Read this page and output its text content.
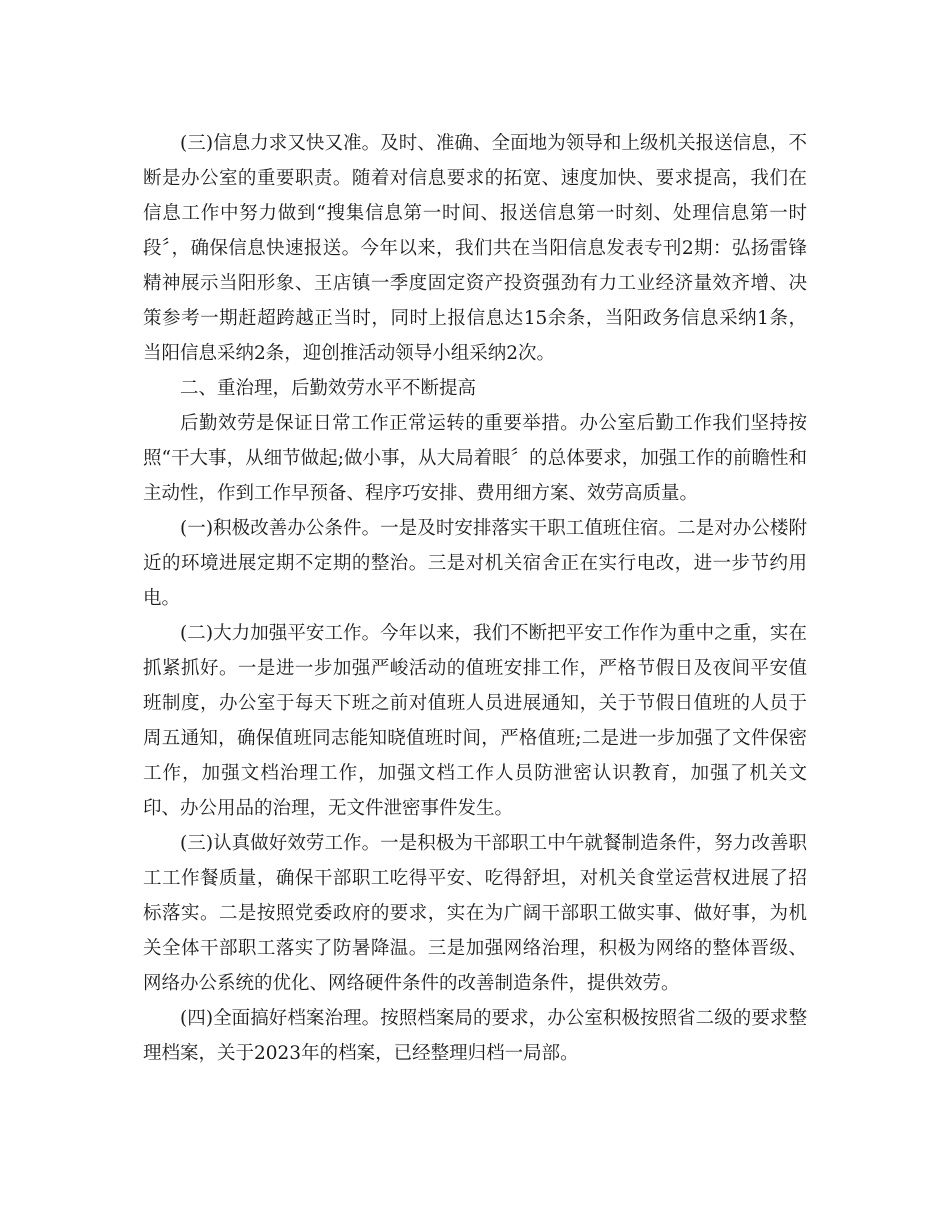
(三)信息力求又快又准。及时、准确、全面地为领导和上级机关报送信息，不断是办公室的重要职责。随着对信息要求的拓宽、速度加快、要求提高，我们在信息工作中努力做到“搜集信息第一时间、报送信息第一时刻、处理信息第一时段〞，确保信息快速报送。今年以来，我们共在当阳信息发表专刊2期：弘扬雷锋精神展示当阳形象、王店镇一季度固定资产投资强劲有力工业经济量效齐增、决策参考一期赶超跨越正当时，同时上报信息达15余条，当阳政务信息采纳1条，当阳信息采纳2条，迎创推活动领导小组采纳2次。

二、重治理，后勤效劳水平不断提高

后勤效劳是保证日常工作正常运转的重要举措。办公室后勤工作我们坚持按照“干大事，从细节做起;做小事，从大局着眼〞的总体要求，加强工作的前瞻性和主动性，作到工作早预备、程序巧安排、费用细方案、效劳高质量。

(一)积极改善办公条件。一是及时安排落实干职工值班住宿。二是对办公楼附近的环境进展定期不定期的整治。三是对机关宿舍正在实行电改，进一步节约用电。

(二)大力加强平安工作。今年以来，我们不断把平安工作作为重中之重，实在抓紧抓好。一是进一步加强严峻活动的值班安排工作，严格节假日及夜间平安值班制度，办公室于每天下班之前对值班人员进展通知，关于节假日值班的人员于周五通知，确保值班同志能知晓值班时间，严格值班;二是进一步加强了文件保密工作，加强文档治理工作，加强文档工作人员防泄密认识教育，加强了机关文印、办公用品的治理，无文件泄密事件发生。

(三)认真做好效劳工作。一是积极为干部职工中午就餐制造条件，努力改善职工工作餐质量，确保干部职工吃得平安、吃得舒坦，对机关食堂运营权进展了招标落实。二是按照党委政府的要求，实在为广阔干部职工做实事、做好事，为机关全体干部职工落实了防暑降温。三是加强网络治理，积极为网络的整体晋级、网络办公系统的优化、网络硬件条件的改善制造条件，提供效劳。

(四)全面搞好档案治理。按照档案局的要求，办公室积极按照省二级的要求整理档案，关于2023年的档案，已经整理归档一局部。
